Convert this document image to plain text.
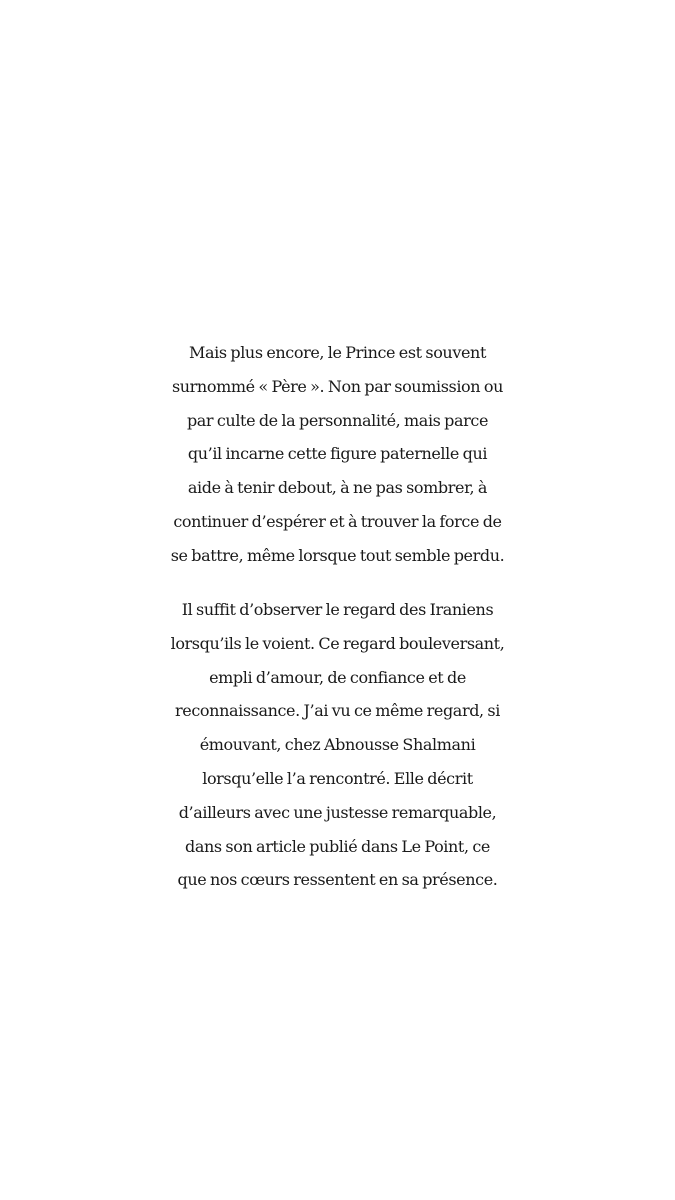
Mais plus encore, le Prince est souvent
surnommé « Père ». Non par soumission ou
par culte de la personnalité, mais parce
qu’il incarne cette figure paternelle qui
aide à tenir debout, à ne pas sombrer, à
continuer d’espérer et à trouver la force de
se battre, même lorsque tout semble perdu.
Il suffit d’observer le regard des Iraniens
lorsqu’ils le voient. Ce regard bouleversant,
empli d’amour, de confiance et de
reconnaissance. J’ai vu ce même regard, si
émouvant, chez Abnousse Shalmani
lorsqu’elle l’a rencontré. Elle décrit
d’ailleurs avec une justesse remarquable,
dans son article publié dans Le Point, ce
que nos cœurs ressentent en sa présence.
